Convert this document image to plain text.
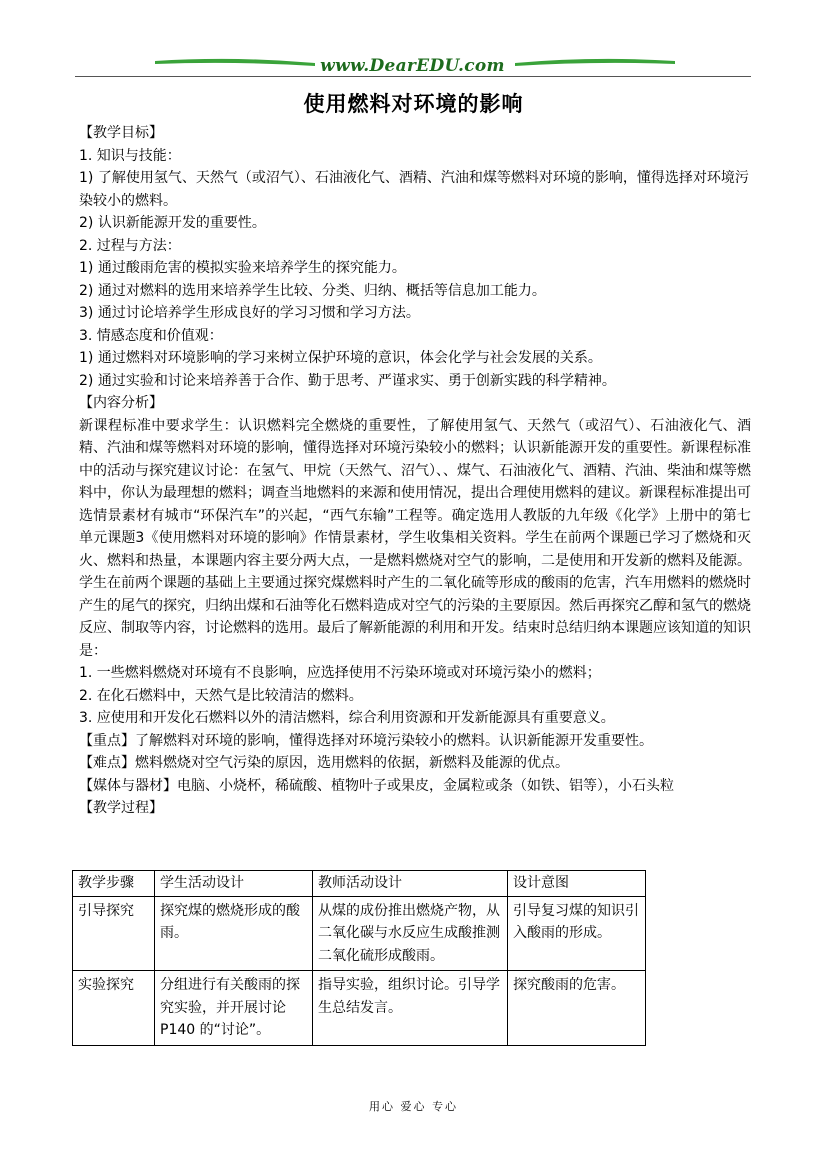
www.DearEDU.com
使用燃料对环境的影响

【教学目标】

1. 知识与技能：

1) 了解使用氢气、天然气（或沼气）、石油液化气、酒精、汽油和煤等燃料对环境的影响，懂得选择对环境污染较小的燃料。

2) 认识新能源开发的重要性。

2. 过程与方法：

1) 通过酸雨危害的模拟实验来培养学生的探究能力。

2) 通过对燃料的选用来培养学生比较、分类、归纳、概括等信息加工能力。

3) 通过讨论培养学生形成良好的学习习惯和学习方法。

3. 情感态度和价值观：

1) 通过燃料对环境影响的学习来树立保护环境的意识，体会化学与社会发展的关系。

2) 通过实验和讨论来培养善于合作、勤于思考、严谨求实、勇于创新实践的科学精神。

【内容分析】

新课程标准中要求学生：认识燃料完全燃烧的重要性，了解使用氢气、天然气（或沼气）、石油液化气、酒精、汽油和煤等燃料对环境的影响，懂得选择对环境污染较小的燃料；认识新能源开发的重要性。新课程标准中的活动与探究建议讨论：在氢气、甲烷（天然气、沼气）、、煤气、石油液化气、酒精、汽油、柴油和煤等燃料中，你认为最理想的燃料；调查当地燃料的来源和使用情况，提出合理使用燃料的建议。新课程标准提出可选情景素材有城市“环保汽车”的兴起，“西气东输”工程等。确定选用人教版的九年级《化学》上册中的第七单元课题3《使用燃料对环境的影响》作情景素材，学生收集相关资料。学生在前两个课题已学习了燃烧和灭火、燃料和热量，本课题内容主要分两大点，一是燃料燃烧对空气的影响，二是使用和开发新的燃料及能源。学生在前两个课题的基础上主要通过探究煤燃料时产生的二氧化硫等形成的酸雨的危害，汽车用燃料的燃烧时产生的尾气的探究，归纳出煤和石油等化石燃料造成对空气的污染的主要原因。然后再探究乙醇和氢气的燃烧反应、制取等内容，讨论燃料的选用。最后了解新能源的利用和开发。结束时总结归纳本课题应该知道的知识是：

1. 一些燃料燃烧对环境有不良影响，应选择使用不污染环境或对环境污染小的燃料；

2. 在化石燃料中，天然气是比较清洁的燃料。

3. 应使用和开发化石燃料以外的清洁燃料，综合利用资源和开发新能源具有重要意义。

【重点】了解燃料对环境的影响，懂得选择对环境污染较小的燃料。认识新能源开发重要性。

【难点】燃料燃烧对空气污染的原因，选用燃料的依据，新燃料及能源的优点。

【媒体与器材】电脑、小烧杯，稀硫酸、植物叶子或果皮，金属粒或条（如铁、铝等），小石头粒

【教学过程】

教学步骤	学生活动设计	教师活动设计	设计意图
引导探究	探究煤的燃烧形成的酸雨。	从煤的成份推出燃烧产物，从二氧化碳与水反应生成酸推测二氧化硫形成酸雨。	引导复习煤的知识引入酸雨的形成。
实验探究	分组进行有关酸雨的探究实验，并开展讨论 P140 的“讨论”。	指导实验，组织讨论。引导学生总结发言。	探究酸雨的危害。
用心 爱心 专心
